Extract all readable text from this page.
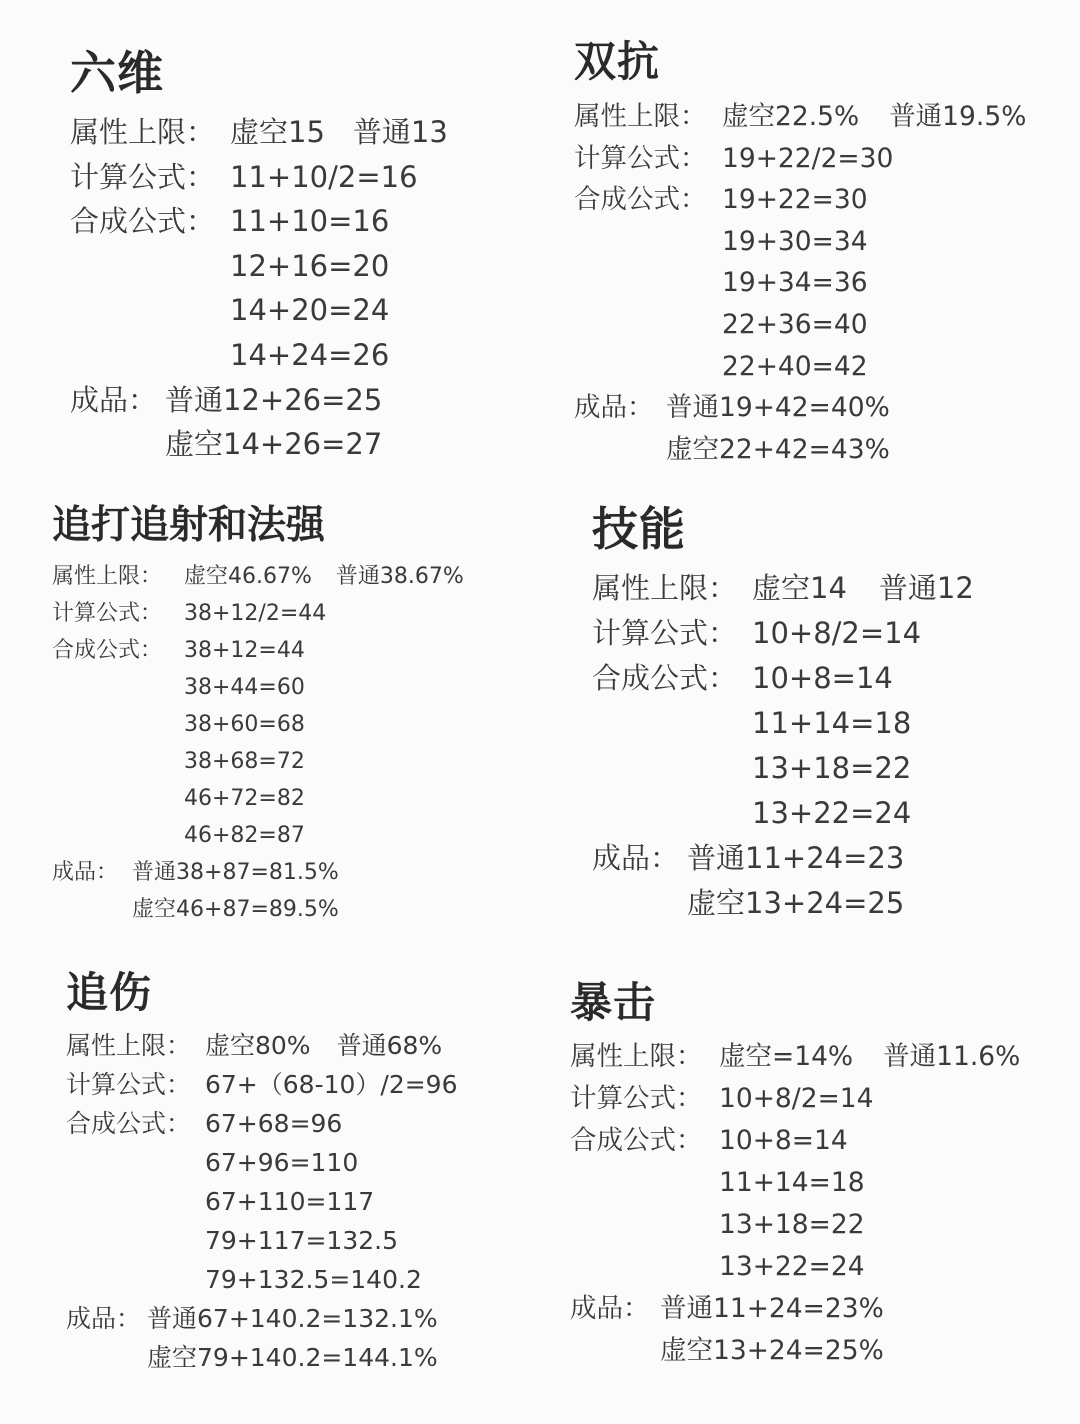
六维
属性上限： 虚空15 普通13
计算公式： 11+10/2=16
合成公式： 11+10=16
12+16=20
14+20=24
14+24=26
成品： 普通 12+26=25
虚空 14+26=27
双抗
属性上限： 虚空22.5% 普通19.5%
计算公式： 19+22/2=30
合成公式： 19+22=30
19+30=34
19+34=36
22+36=40
22+40=42
成品： 普通 19+42=40%
虚空 22+42=43%
追打追射和法强
属性上限： 虚空46.67% 普通38.67%
计算公式： 38+12/2=44
合成公式： 38+12=44
38+44=60
38+60=68
38+68=72
46+72=82
46+82=87
成品： 普通 38+87=81.5%
虚空 46+87=89.5%
技能
属性上限： 虚空14 普通12
计算公式： 10+8/2=14
合成公式： 10+8=14
11+14=18
13+18=22
13+22=24
成品： 普通 11+24=23
虚空 13+24=25
追伤
属性上限： 虚空80% 普通68%
计算公式： 67+（68-10）/2=96
合成公式： 67+68=96
67+96=110
67+110=117
79+117=132.5
79+132.5=140.2
成品： 普通 67+140.2=132.1%
虚空 79+140.2=144.1%
暴击
属性上限： 虚空=14% 普通11.6%
计算公式： 10+8/2=14
合成公式： 10+8=14
11+14=18
13+18=22
13+22=24
成品： 普通 11+24=23%
虚空 13+24=25%
